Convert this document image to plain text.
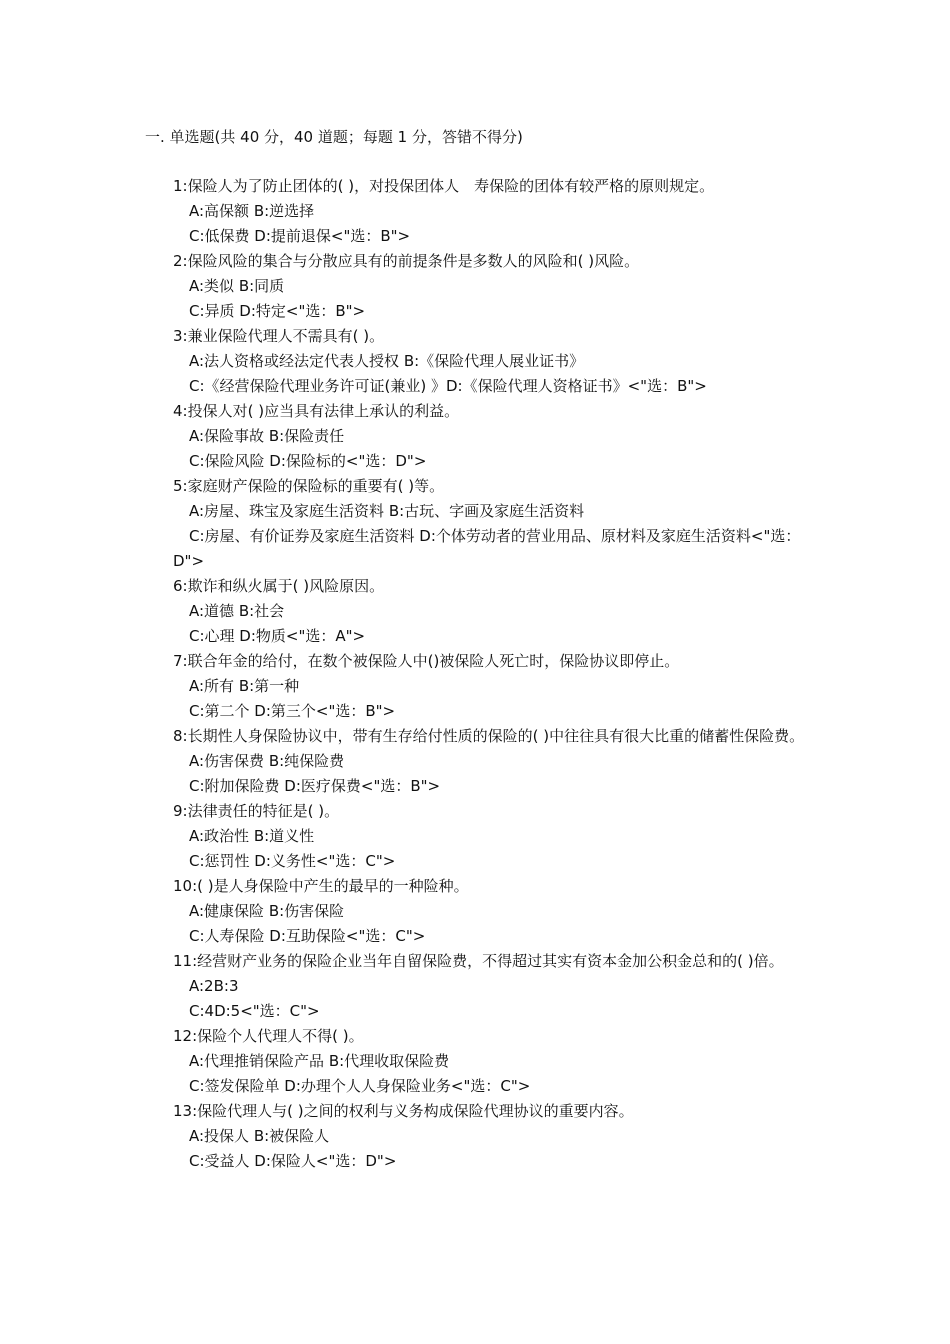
一. 单选题(共 40 分，40 道题；每题 1 分，答错不得分)

1:保险人为了防止团体的( )，对投保团体人　寿保险的团体有较严格的原则规定。

A:高保额 B:逆选择

C:低保费 D:提前退保<"选：B">

2:保险风险的集合与分散应具有的前提条件是多数人的风险和( )风险。

A:类似 B:同质

C:异质 D:特定<"选：B">

3:兼业保险代理人不需具有( )。

A:法人资格或经法定代表人授权 B:《保险代理人展业证书》

C:《经营保险代理业务许可证(兼业) 》D:《保险代理人资格证书》<"选：B">

4:投保人对( )应当具有法律上承认的利益。

A:保险事故 B:保险责任

C:保险风险 D:保险标的<"选：D">

5:家庭财产保险的保险标的重要有( )等。

A:房屋、珠宝及家庭生活资料 B:古玩、字画及家庭生活资料

C:房屋、有价证券及家庭生活资料 D:个体劳动者的营业用品、原材料及家庭生活资料<"选：D">

6:欺诈和纵火属于( )风险原因。

A:道德 B:社会

C:心理 D:物质<"选：A">

7:联合年金的给付，在数个被保险人中()被保险人死亡时，保险协议即停止。

A:所有 B:第一种

C:第二个 D:第三个<"选：B">

8:长期性人身保险协议中，带有生存给付性质的保险的( )中往往具有很大比重的储蓄性保险费。

A:伤害保费 B:纯保险费

C:附加保险费 D:医疗保费<"选：B">

9:法律责任的特征是( )。

A:政治性 B:道义性

C:惩罚性 D:义务性<"选：C">

10:( )是人身保险中产生的最早的一种险种。

A:健康保险 B:伤害保险

C:人寿保险 D:互助保险<"选：C">

11:经营财产业务的保险企业当年自留保险费，不得超过其实有资本金加公积金总和的( )倍。

A:2B:3

C:4D:5<"选：C">

12:保险个人代理人不得( )。

A:代理推销保险产品 B:代理收取保险费

C:签发保险单 D:办理个人人身保险业务<"选：C">

13:保险代理人与( )之间的权利与义务构成保险代理协议的重要内容。

A:投保人 B:被保险人

C:受益人 D:保险人<"选：D">
